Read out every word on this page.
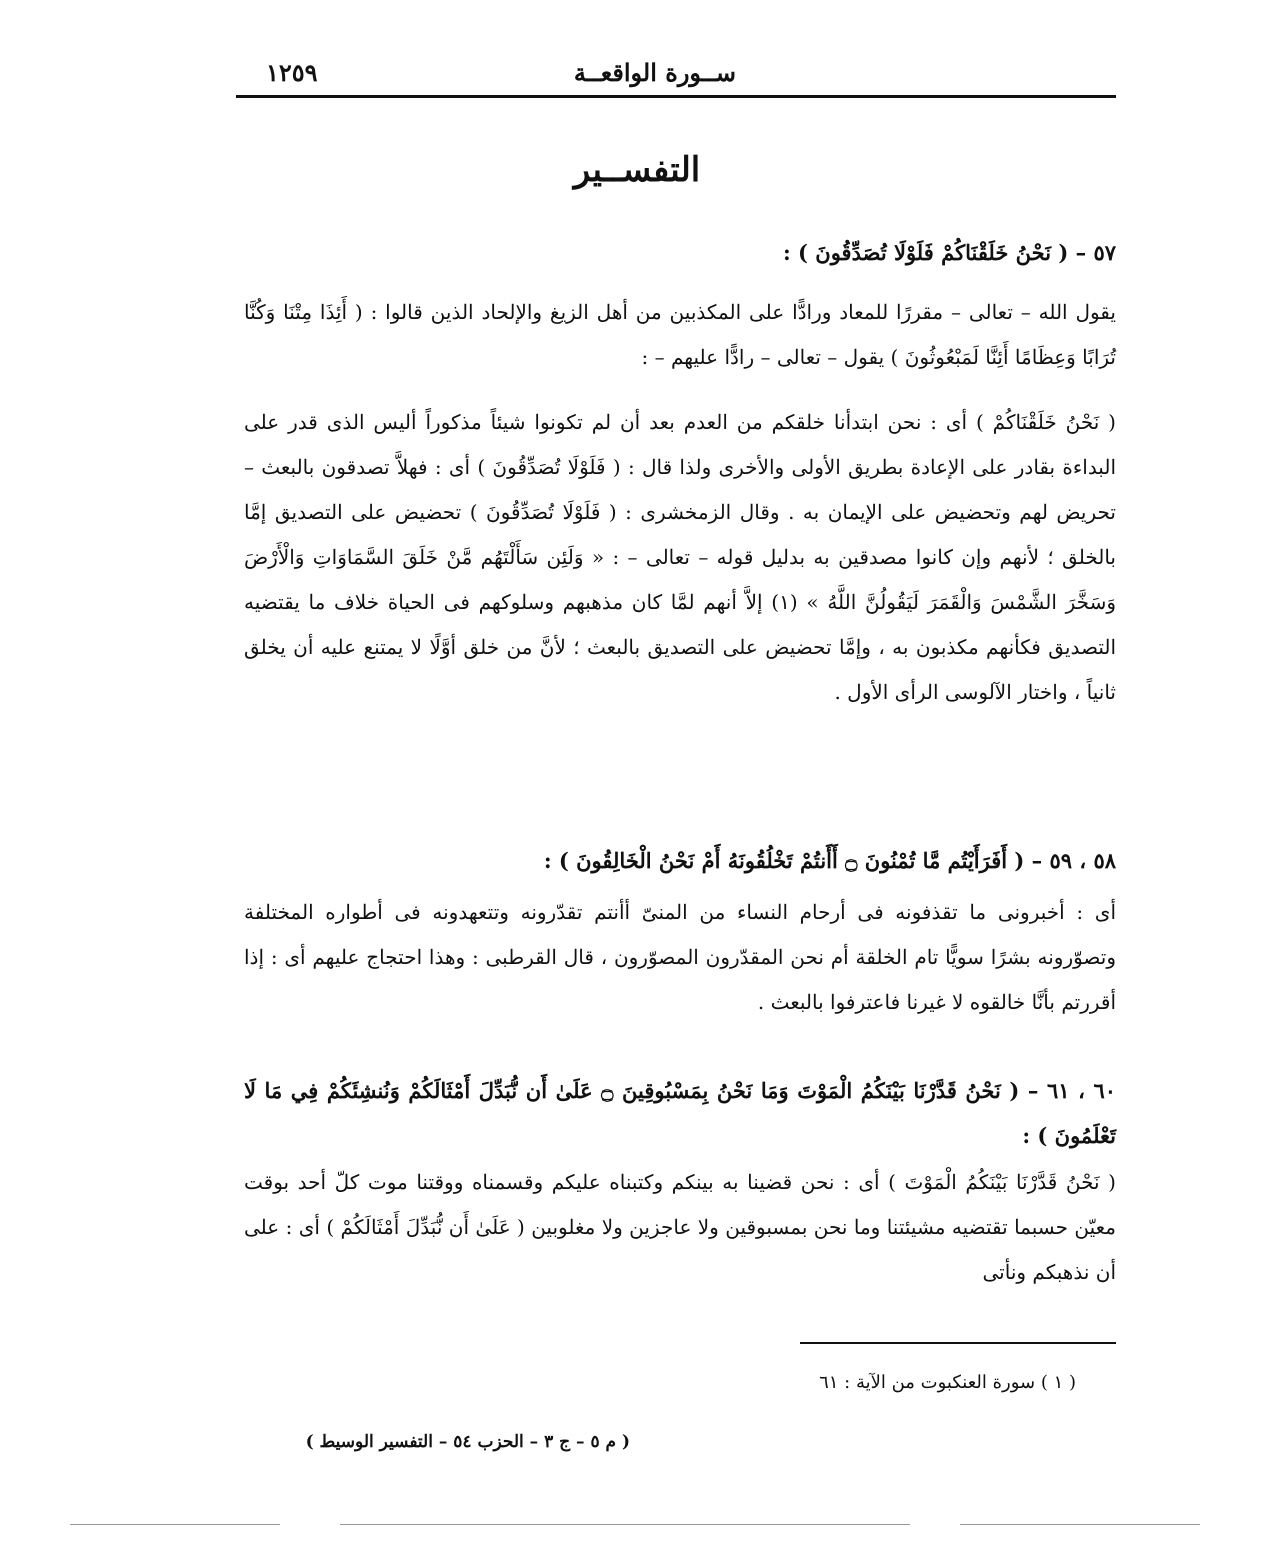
ســورة الواقعــة
١٢٥٩
التفســير
٥٧ – ( نَحْنُ خَلَقْنَاكُمْ فَلَوْلَا تُصَدِّقُونَ ) :
يقول الله – تعالى – مقررًا للمعاد ورادًّا على المكذبين من أهل الزيغ والإلحاد الذين قالوا : ( أَئِذَا مِتْنَا وَكُنَّا تُرَابًا وَعِظَامًا أَئِنَّا لَمَبْعُوثُونَ ) يقول – تعالى – رادًّا عليهم – :
( نَحْنُ خَلَقْنَاكُمْ ) أى : نحن ابتدأنا خلقكم من العدم بعد أن لم تكونوا شيئاً مذكوراً أليس الذى قدر على البداءة بقادر على الإعادة بطريق الأولى والأخرى ولذا قال : ( فَلَوْلَا تُصَدِّقُونَ ) أى : فهلاَّ تصدقون بالبعث – تحريض لهم وتحضيض على الإيمان به . وقال الزمخشرى : ( فَلَوْلَا تُصَدِّقُونَ ) تحضيض على التصديق إمَّا بالخلق ؛ لأنهم وإن كانوا مصدقين به بدليل قوله – تعالى – : « وَلَئِن سَأَلْتَهُم مَّنْ خَلَقَ السَّمَاوَاتِ وَالْأَرْضَ وَسَخَّرَ الشَّمْسَ وَالْقَمَرَ لَيَقُولُنَّ اللَّهُ » (١) إلاَّ أنهم لمَّا كان مذهبهم وسلوكهم فى الحياة خلاف ما يقتضيه التصديق فكأنهم مكذبون به ، وإمَّا تحضيض على التصديق بالبعث ؛ لأنَّ من خلق أوَّلًا لا يمتنع عليه أن يخلق ثانياً ، واختار الآلوسى الرأى الأول .
٥٨ ، ٥٩ – ( أَفَرَأَيْتُم مَّا تُمْنُونَ ۝ أَأَنتُمْ تَخْلُقُونَهُ أَمْ نَحْنُ الْخَالِقُونَ ) :
أى : أخبرونى ما تقذفونه فى أرحام النساء من المنىّ أأنتم تقدّرونه وتتعهدونه فى أطواره المختلفة وتصوّرونه بشرًا سويًّا تام الخلقة أم نحن المقدّرون المصوّرون ، قال القرطبى : وهذا احتجاج عليهم أى : إذا أقررتم بأنَّا خالقوه لا غيرنا فاعترفوا بالبعث .
٦٠ ، ٦١ – ( نَحْنُ قَدَّرْنَا بَيْنَكُمُ الْمَوْتَ وَمَا نَحْنُ بِمَسْبُوقِينَ ۝ عَلَىٰ أَن نُّبَدِّلَ أَمْثَالَكُمْ وَنُنشِئَكُمْ فِي مَا لَا تَعْلَمُونَ ) :
( نَحْنُ قَدَّرْنَا بَيْنَكُمُ الْمَوْتَ ) أى : نحن قضينا به بينكم وكتبناه عليكم وقسمناه ووقتنا موت كلّ أحد بوقت معيّن حسبما تقتضيه مشيئتنا وما نحن بمسبوقين ولا عاجزين ولا مغلوبين ( عَلَىٰ أَن نُّبَدِّلَ أَمْثَالَكُمْ ) أى : على أن نذهبكم ونأتى
( ١ ) سورة العنكبوت من الآية : ٦١
( م ٥ – ج ٣ – الحزب ٥٤ – التفسير الوسيط )
